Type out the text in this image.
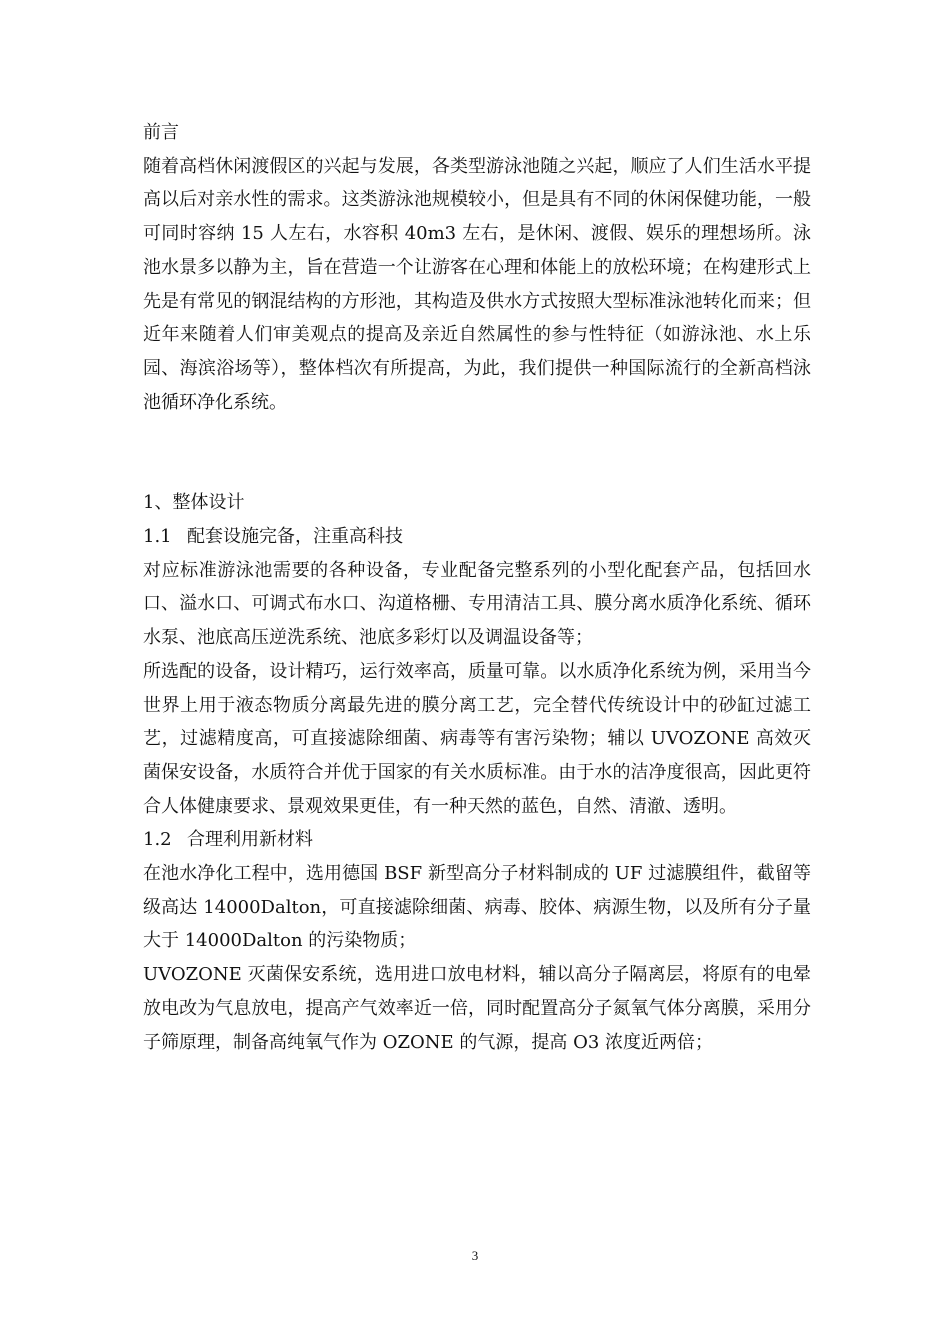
前言

随着高档休闲渡假区的兴起与发展，各类型游泳池随之兴起，顺应了人们生活水平提高以后对亲水性的需求。这类游泳池规模较小，但是具有不同的休闲保健功能，一般可同时容纳 15 人左右，水容积 40m3 左右，是休闲、渡假、娱乐的理想场所。泳池水景多以静为主，旨在营造一个让游客在心理和体能上的放松环境；在构建形式上先是有常见的钢混结构的方形池，其构造及供水方式按照大型标准泳池转化而来；但近年来随着人们审美观点的提高及亲近自然属性的参与性特征（如游泳池、水上乐园、海滨浴场等），整体档次有所提高，为此，我们提供一种国际流行的全新高档泳池循环净化系统。

1、整体设计

1.1 配套设施完备，注重高科技

对应标准游泳池需要的各种设备，专业配备完整系列的小型化配套产品，包括回水口、溢水口、可调式布水口、沟道格栅、专用清洁工具、膜分离水质净化系统、循环水泵、池底高压逆洗系统、池底多彩灯以及调温设备等；

所选配的设备，设计精巧，运行效率高，质量可靠。以水质净化系统为例，采用当今世界上用于液态物质分离最先进的膜分离工艺，完全替代传统设计中的砂缸过滤工艺，过滤精度高，可直接滤除细菌、病毒等有害污染物；辅以 UVOZONE 高效灭菌保安设备，水质符合并优于国家的有关水质标准。由于水的洁净度很高，因此更符合人体健康要求、景观效果更佳，有一种天然的蓝色，自然、清澈、透明。

1.2 合理利用新材料

在池水净化工程中，选用德国 BSF 新型高分子材料制成的 UF 过滤膜组件，截留等级高达 14000Dalton，可直接滤除细菌、病毒、胶体、病源生物，以及所有分子量大于 14000Dalton 的污染物质；

UVOZONE 灭菌保安系统，选用进口放电材料，辅以高分子隔离层，将原有的电晕放电改为气息放电，提高产气效率近一倍，同时配置高分子氮氧气体分离膜，采用分子筛原理，制备高纯氧气作为 OZONE 的气源，提高 O3 浓度近两倍；

3
